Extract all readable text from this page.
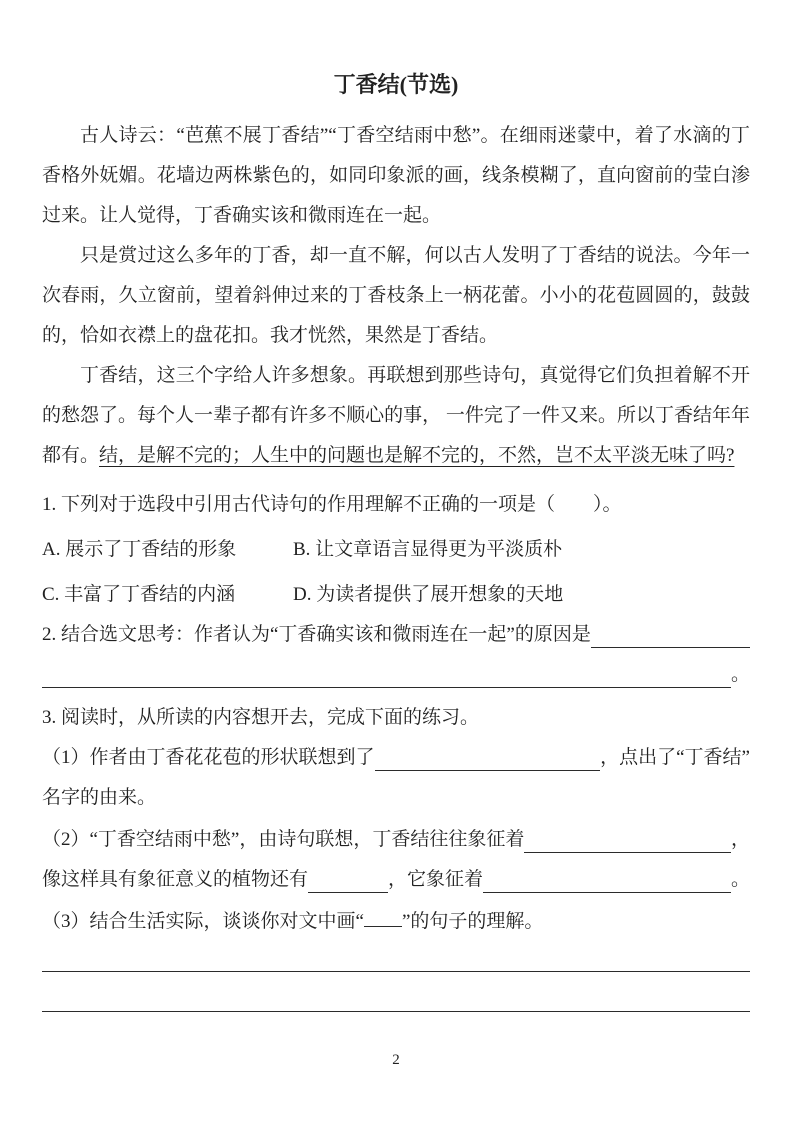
丁香结(节选)

古人诗云：“芭蕉不展丁香结”“丁香空结雨中愁”。在细雨迷蒙中，着了水滴的丁香格外妩媚。花墙边两株紫色的，如同印象派的画，线条模糊了，直向窗前的莹白渗过来。让人觉得，丁香确实该和微雨连在一起。

只是赏过这么多年的丁香，却一直不解，何以古人发明了丁香结的说法。今年一次春雨，久立窗前，望着斜伸过来的丁香枝条上一柄花蕾。小小的花苞圆圆的，鼓鼓的，恰如衣襟上的盘花扣。我才恍然，果然是丁香结。

丁香结，这三个字给人许多想象。再联想到那些诗句，真觉得它们负担着解不开的愁怨了。每个人一辈子都有许多不顺心的事， 一件完了一件又来。所以丁香结年年都有。结，是解不完的；人生中的问题也是解不完的，不然，岂不太平淡无味了吗?

1. 下列对于选段中引用古代诗句的作用理解不正确的一项是（　　）。

A. 展示了丁香结的形象	B. 让文章语言显得更为平淡质朴
C. 丰富了丁香结的内涵	D. 为读者提供了展开想象的天地
2. 结合选文思考：作者认为“丁香确实该和微雨连在一起”的原因是
。

3. 阅读时，从所读的内容想开去，完成下面的练习。

（1）作者由丁香花花苞的形状联想到了	，点出了“丁香结”

名字的由来。

（2）“丁香空结雨中愁”，由诗句联想，丁香结往往象征着	，
像这样具有象征意义的植物还有	，它象征着	。

（3）结合生活实际，谈谈你对文中画“ ”的句子的理解。

2
